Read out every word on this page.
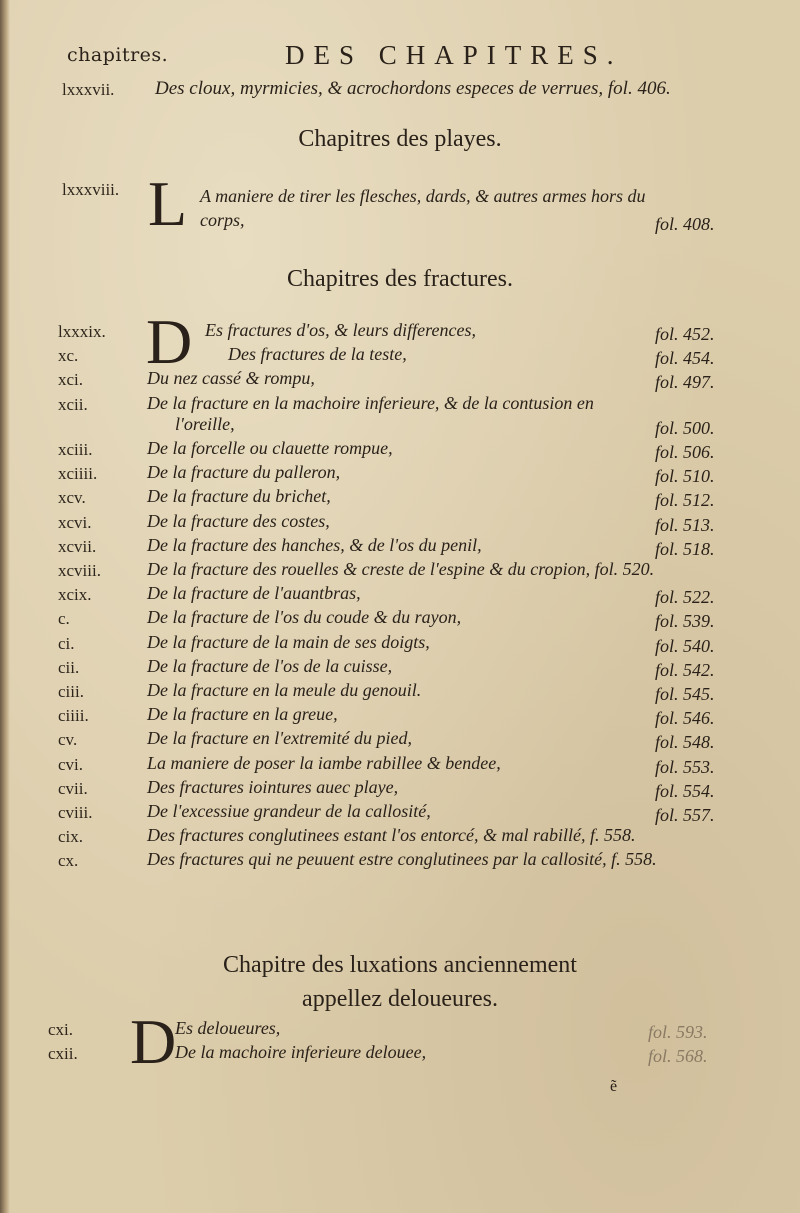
chapitres.	DES CHAPITRES.
lxxxvii. Des cloux, myrmicies, & acrochordons especes de verrues, fol. 406.
Chapitres des playes.
lxxxviii. L A maniere de tirer les flesches, dards, & autres armes hors du
corps,	fol. 408.
Chapitres des fractures.
D
lxxxix.	Es fractures d'os, & leurs differences,	fol. 452.
xc.	Des fractures de la teste,	fol. 454.
xci.	Du nez cassé & rompu,	fol. 497.
xcii.	De la fracture en la machoire inferieure, & de la contusion en
l'oreille,	fol. 500.
xciii.	De la forcelle ou clauette rompue,	fol. 506.
xciiii.	De la fracture du palleron,	fol. 510.
xcv.	De la fracture du brichet,	fol. 512.
xcvi.	De la fracture des costes,	fol. 513.
xcvii.	De la fracture des hanches, & de l'os du penil,	fol. 518.
xcviii.	De la fracture des rouelles & creste de l'espine & du cropion, fol. 520.
xcix.	De la fracture de l'auantbras,	fol. 522.
c.	De la fracture de l'os du coude & du rayon,	fol. 539.
ci.	De la fracture de la main de ses doigts,	fol. 540.
cii.	De la fracture de l'os de la cuisse,	fol. 542.
ciii.	De la fracture en la meule du genouil.	fol. 545.
ciiii.	De la fracture en la greue,	fol. 546.
cv.	De la fracture en l'extremité du pied,	fol. 548.
cvi.	La maniere de poser la iambe rabillee & bendee,	fol. 553.
cvii.	Des fractures iointures auec playe,	fol. 554.
cviii.	De l'excessiue grandeur de la callosité,	fol. 557.
cix.	Des fractures conglutinees estant l'os entorcé, & mal rabillé, f. 558.
cx.	Des fractures qui ne peuuent estre conglutinees par la callosité, f. 558.
Chapitre des luxations anciennement
appellez deloueures.
D
cxi.	Es deloueures,	fol. 593.
cxii.	De la machoire inferieure delouee,	fol. 568.
ẽ
